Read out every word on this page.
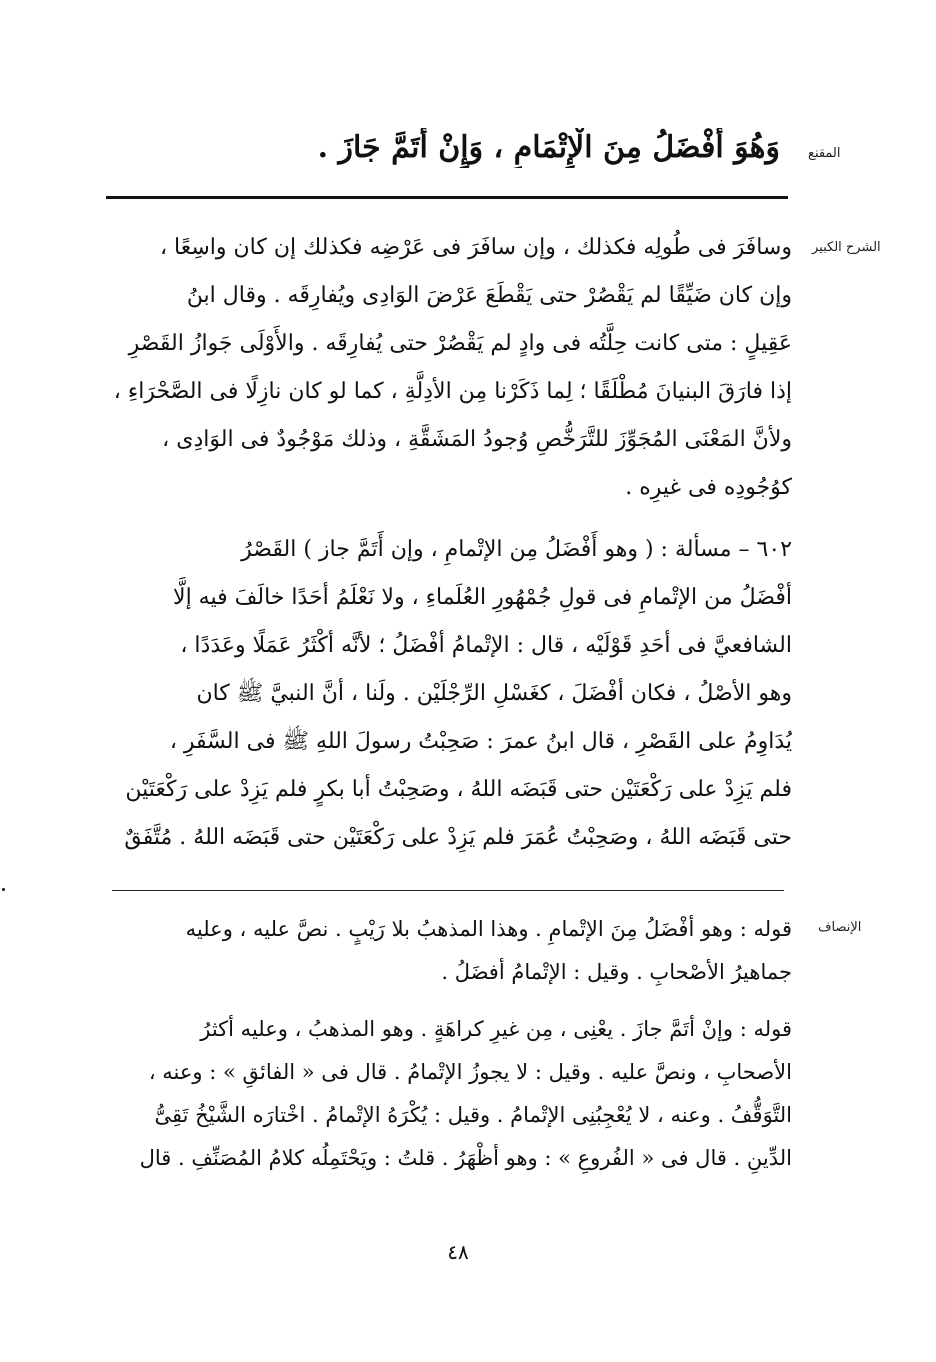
المقنع
وَهُوَ أَفْضَلُ مِنَ الْإِتْمَامِ ، وَإِنْ أَتَمَّ جَازَ .
الشرح الكبير
وسافَرَ فى طُولِه فكذلك ، وإن سافَرَ فى عَرْضِه فكذلك إن كان واسِعًا ،
وإن كان ضَيِّقًا لم يَقْصُرْ حتى يَقْطَعَ عَرْضَ الوَادِى ويُفارِقَه . وقال ابنُ
عَقِيلٍ : متى كانت حِلَّتُه فى وادٍ لم يَقْصُرْ حتى يُفارِقَه . والأَوْلَى جَوازُ القَصْرِ
إذا فارَقَ البنيانَ مُطْلَقًا ؛ لِما ذَكَرْنا مِن الأدِلَّةِ ، كما لو كان نازِلًا فى الصَّحْرَاءِ ،
ولأنَّ المَعْنَى المُجَوِّزَ للتَّرَخُّصِ وُجودُ المَشَقَّةِ ، وذلك مَوْجُودٌ فى الوَادِى ،
كوُجُودِه فى غيرِه .
٦٠٢ – مسألة : ( وهو أَفْضَلُ مِن الإتْمامِ ، وإن أَتَمَّ جاز ) القَصْرُ
أفْضَلُ من الإتْمامِ فى قولِ جُمْهُورِ العُلَماءِ ، ولا نَعْلَمُ أحَدًا خالَفَ فيه إلَّا
الشافعيَّ فى أحَدِ قَوْلَيْه ، قال : الإتْمامُ أفْضَلُ ؛ لأنَّه أكْثَرُ عَمَلًا وعَدَدًا ،
وهو الأصْلُ ، فكان أفْضَلَ ، كغَسْلِ الرِّجْلَيْن . ولَنا ، أنَّ النبيَّ ﷺ كان
يُدَاوِمُ على القَصْرِ ، قال ابنُ عمرَ : صَحِبْتُ رسولَ اللهِ ﷺ فى السَّفَرِ ،
فلم يَزِدْ على رَكْعَتَيْن حتى قَبَضَه اللهُ ، وصَحِبْتُ أبا بكرٍ فلم يَزِدْ على رَكْعَتَيْن
حتى قَبَضَه اللهُ ، وصَحِبْتُ عُمَرَ فلم يَزِدْ على رَكْعَتَيْن حتى قَبَضَه اللهُ . مُتَّفَقٌ
الإنصاف
قوله : وهو أفْضَلُ مِنَ الإتْمامِ . وهذا المذهبُ بلا رَيْبٍ . نصَّ عليه ، وعليه
جماهيرُ الأصْحابِ . وقيل : الإتْمامُ أفضَلُ .
قوله : وإنْ أتَمَّ جازَ . يعْنِى ، مِن غيرِ كراهَةٍ . وهو المذهبُ ، وعليه أكثرُ
الأصحابِ ، ونصَّ عليه . وقيل : لا يجوزُ الإتْمامُ . قال فى « الفائقِ » : وعنه ،
التَّوَقُّفُ . وعنه ، لا يُعْجِبُنِى الإتْمامُ . وقيل : يُكْرَهُ الإتْمامُ . اخْتارَه الشَّيْخُ تَقِىُّ
الدِّينِ . قال فى « الفُروعِ » : وهو أظْهَرُ . قلتُ : ويَحْتَمِلُه كلامُ المُصَنِّفِ . قال
٤٨
